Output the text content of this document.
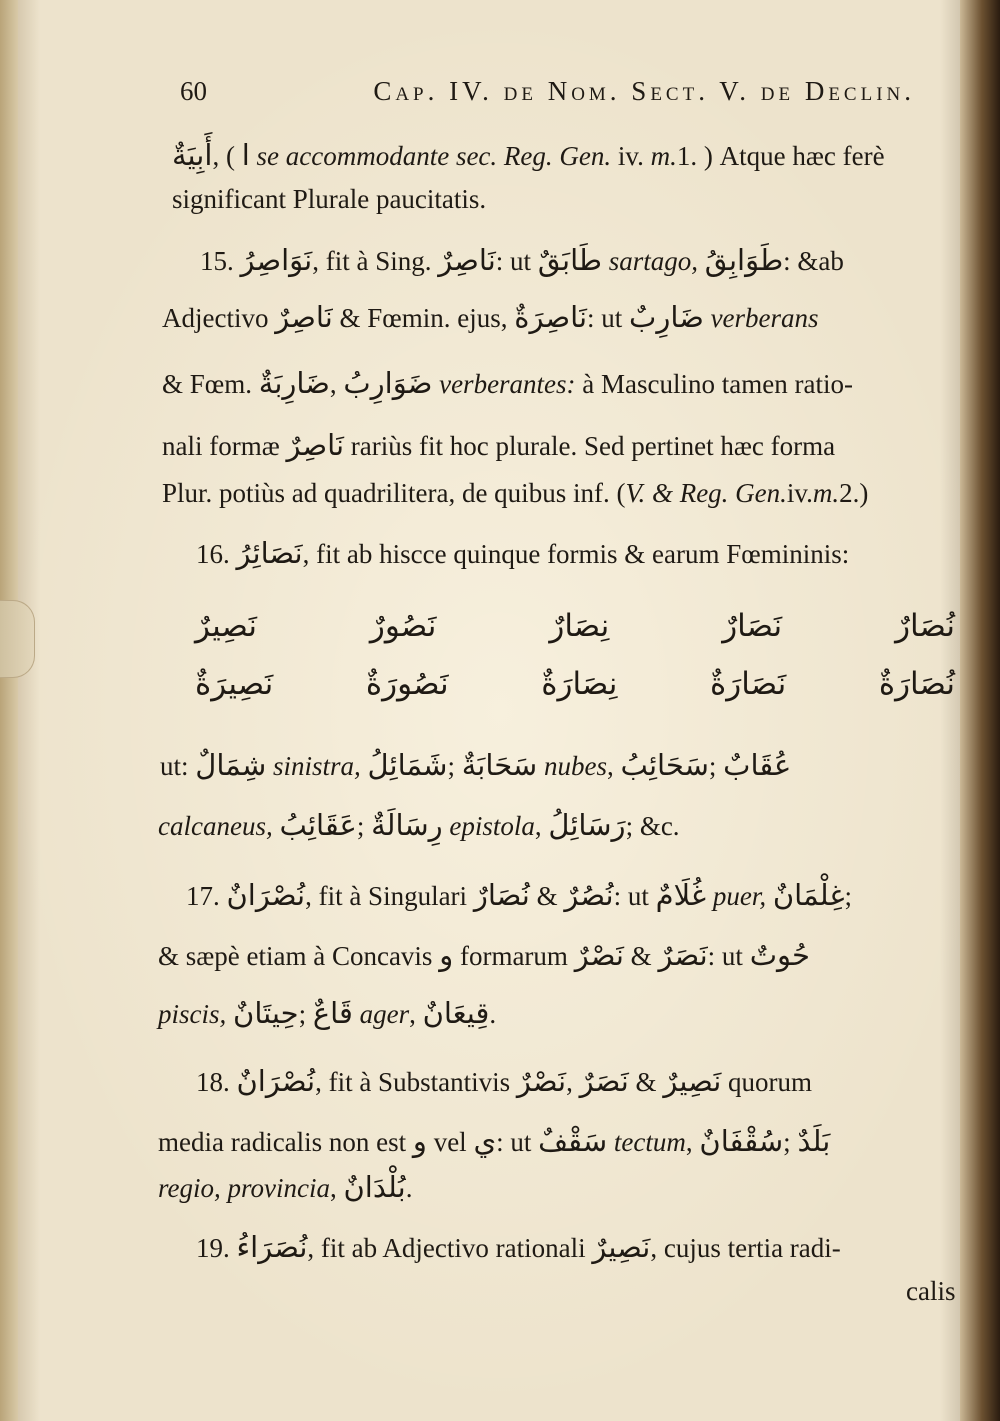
60	Cap. IV. de Nom. Sect. V. de Declin.
أَبِيَةٌ, ( ا se accommodante sec. Reg. Gen. iv. m.1. ) Atque hæc ferè
significant Plurale paucitatis.
15. نَوَاصِرُ, fit à Sing. نَاصِرٌ: ut طَابَقٌ sartago, طَوَابِقُ: &ab
Adjectivo نَاصِرٌ & Fœmin. ejus, نَاصِرَةٌ: ut ضَارِبٌ verberans
& Fœm. ضَارِبَةٌ, ضَوَارِبُ verberantes: à Masculino tamen ratio-
nali formæ نَاصِرٌ rariùs fit hoc plurale. Sed pertinet hæc forma
Plur. potiùs ad quadrilitera, de quibus inf. (V. & Reg. Gen.iv.m.2.)
16. نَصَائِرُ, fit ab hiscce quinque formis & earum Fœmininis:
نُصَارٌ
نَصَارٌ
نِصَارٌ
نَصُورٌ
نَصِيرٌ
نُصَارَةٌ
نَصَارَةٌ
نِصَارَةٌ
نَصُورَةٌ
نَصِيرَةٌ
ut: شِمَالٌ sinistra, شَمَائِلُ; سَحَابَةٌ nubes, سَحَائِبُ; عُقَابٌ
calcaneus, عَقَائِبُ; رِسَالَةٌ epistola, رَسَائِلُ; &c.
17. نُصْرَانٌ, fit à Singulari نُصَارٌ & نُصُرٌ: ut غُلَامٌ puer, غِلْمَانٌ;
& sæpè etiam à Concavis و formarum نَصْرٌ & نَصَرٌ: ut حُوتٌ
piscis, حِيتَانٌ; قَاعٌ ager, قِيعَانٌ.
18. نُصْرَانٌ, fit à Substantivis نَصْرٌ, نَصَرٌ & نَصِيرٌ quorum
media radicalis non est و vel ي: ut سَقْفٌ tectum, سُقْفَانٌ; بَلَدٌ
regio, provincia, بُلْدَانٌ.
19. نُصَرَاءُ, fit ab Adjectivo rationali نَصِيرٌ, cujus tertia radi-
calis
